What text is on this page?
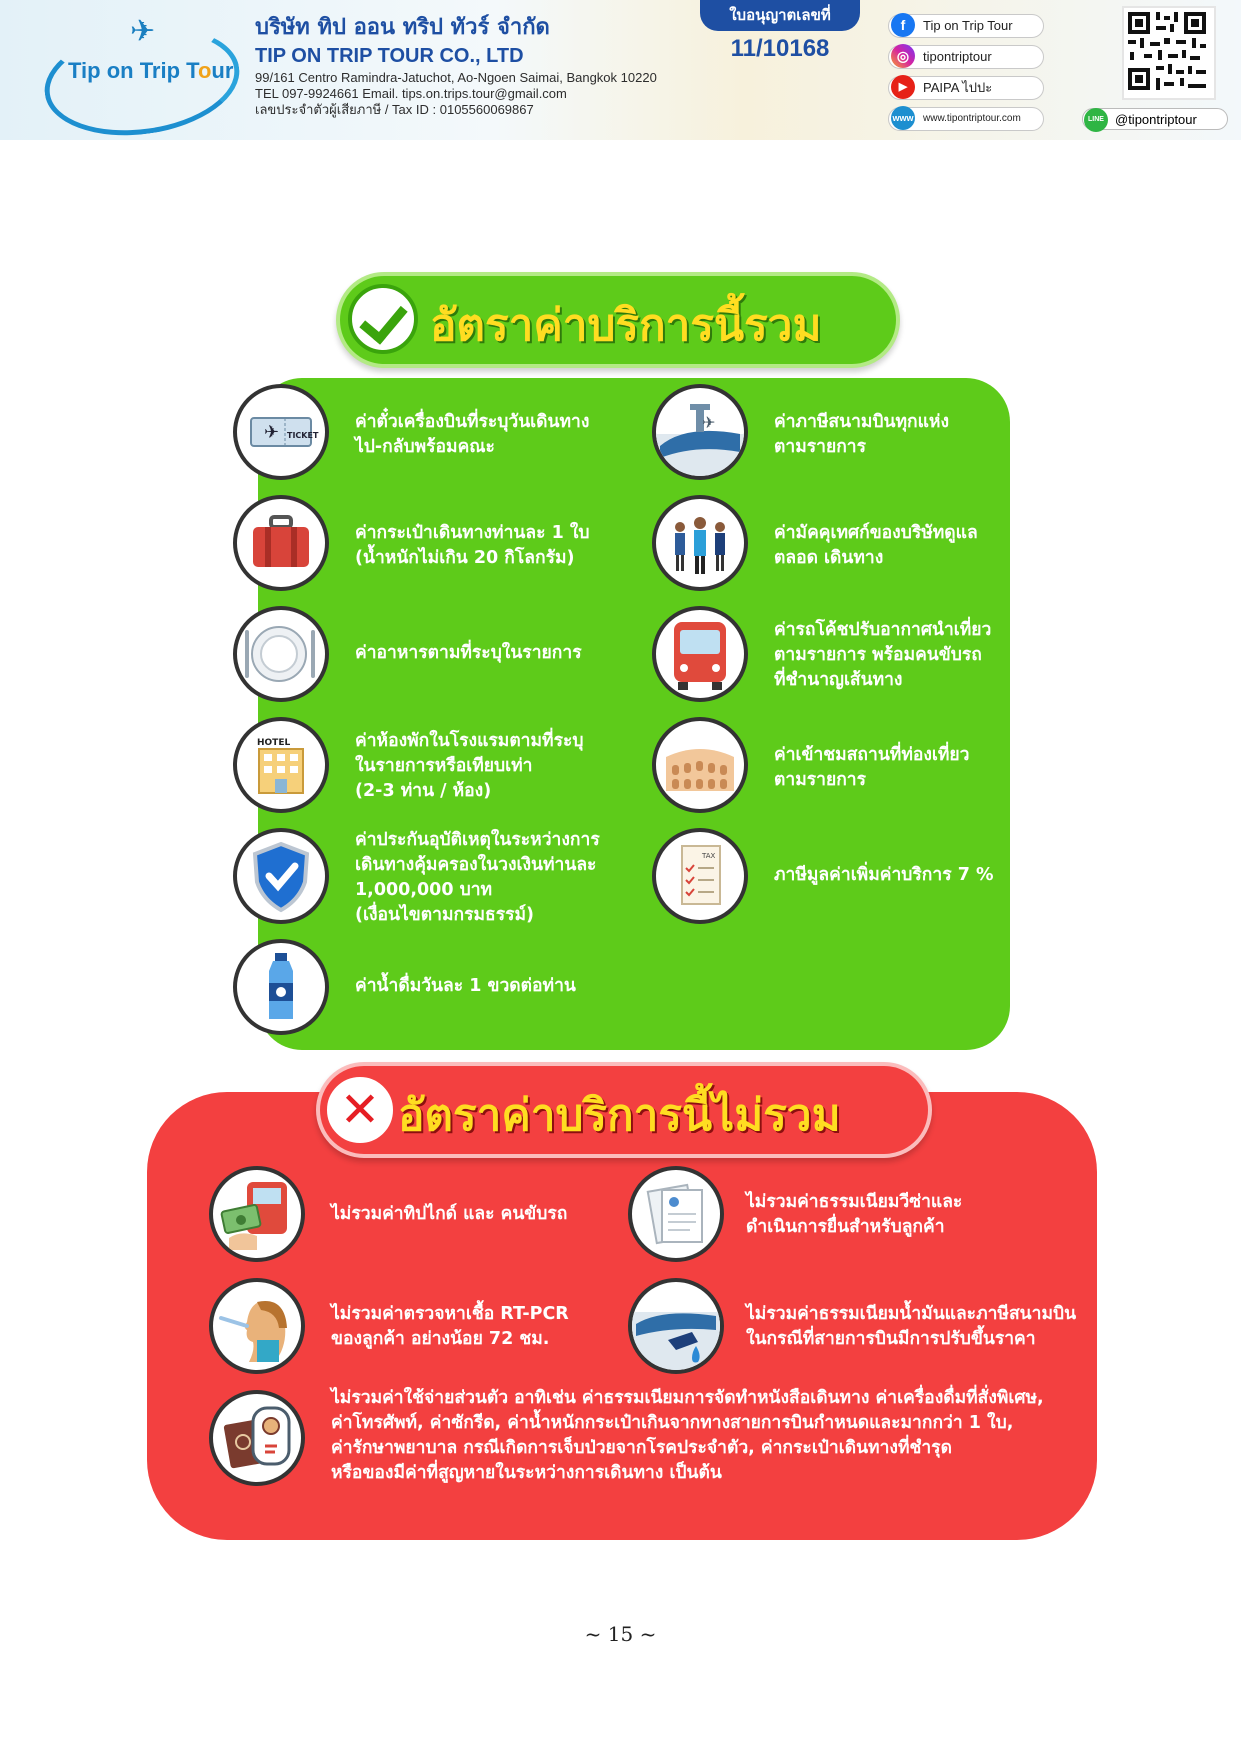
✈
Tip on Trip Tour
บริษัท ทิป ออน ทริป ทัวร์ จำกัด
TIP ON TRIP TOUR CO., LTD
99/161 Centro Ramindra-Jatuchot, Ao-Ngoen Saimai, Bangkok 10220
TEL 097-9924661 Email. tips.on.trips.tour@gmail.com
เลขประจำตัวผู้เสียภาษี / Tax ID : 0105560069867
ใบอนุญาตเลขที่
11/10168
f	Tip on Trip Tour
◎	tipontriptour
▶	PAIPA ไปปะ
www www.tipontriptour.com	LINE @tipontriptour
อัตราค่าบริการนี้รวม
✈ TICKET
ค่าตั๋วเครื่องบินที่ระบุวันเดินทาง
ไป-กลับพร้อมคณะ
ค่ากระเป๋าเดินทางท่านละ 1 ใบ
(น้ำหนักไม่เกิน 20 กิโลกรัม)
ค่าอาหารตามที่ระบุในรายการ
HOTEL	ค่าห้องพักในโรงแรมตามที่ระบุ
ในรายการหรือเทียบเท่า
(2-3 ท่าน / ห้อง)
ค่าประกันอุบัติเหตุในระหว่างการ
เดินทางคุ้มครองในวงเงินท่านละ
1,000,000 บาท
(เงื่อนไขตามกรมธรรม์)
ค่าน้ำดื่มวันละ 1 ขวดต่อท่าน
✈	ค่าภาษีสนามบินทุกแห่ง
ตามรายการ
ค่ามัคคุเทศก์ของบริษัทดูแล
ตลอด เดินทาง
ค่ารถโค้ชปรับอากาศนำเที่ยว
ตามรายการ พร้อมคนขับรถ
ที่ชำนาญเส้นทาง
ค่าเข้าชมสถานที่ท่องเที่ยว
ตามรายการ
TAX
ภาษีมูลค่าเพิ่มค่าบริการ 7 %
✕ อัตราค่าบริการนี้ไม่รวม
ไม่รวมค่าทิปไกด์ และ คนขับรถ
ไม่รวมค่าธรรมเนียมวีซ่าและ
ดำเนินการยื่นสำหรับลูกค้า
ไม่รวมค่าตรวจหาเชื้อ RT-PCR
ของลูกค้า อย่างน้อย 72 ชม.
ไม่รวมค่าธรรมเนียมน้ำมันและภาษีสนามบิน
ในกรณีที่สายการบินมีการปรับขึ้นราคา
ไม่รวมค่าใช้จ่ายส่วนตัว อาทิเช่น ค่าธรรมเนียมการจัดทำหนังสือเดินทาง ค่าเครื่องดื่มที่สั่งพิเศษ,
ค่าโทรศัพท์, ค่าซักรีด, ค่าน้ำหนักกระเป๋าเกินจากทางสายการบินกำหนดและมากกว่า 1 ใบ,
ค่ารักษาพยาบาล กรณีเกิดการเจ็บป่วยจากโรคประจำตัว, ค่ากระเป๋าเดินทางที่ชำรุด
หรือของมีค่าที่สูญหายในระหว่างการเดินทาง เป็นต้น
~ 15 ~
